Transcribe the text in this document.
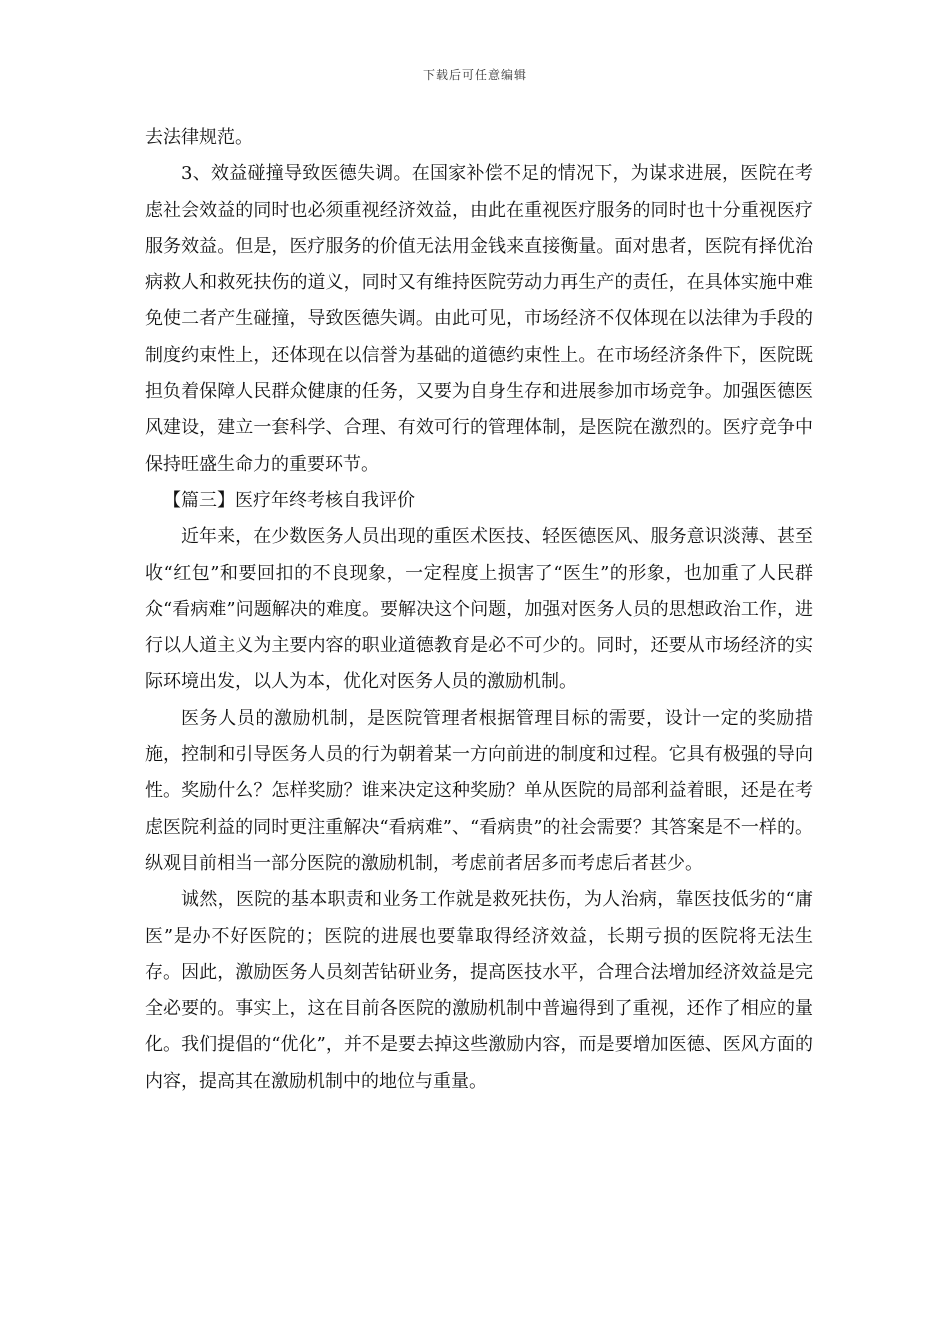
下载后可任意编辑

去法律规范。

3、效益碰撞导致医德失调。在国家补偿不足的情况下，为谋求进展，医院在考虑社会效益的同时也必须重视经济效益，由此在重视医疗服务的同时也十分重视医疗服务效益。但是，医疗服务的价值无法用金钱来直接衡量。面对患者，医院有择优治病救人和救死扶伤的道义，同时又有维持医院劳动力再生产的责任，在具体实施中难免使二者产生碰撞，导致医德失调。由此可见，市场经济不仅体现在以法律为手段的制度约束性上，还体现在以信誉为基础的道德约束性上。在市场经济条件下，医院既担负着保障人民群众健康的任务，又要为自身生存和进展参加市场竞争。加强医德医风建设，建立一套科学、合理、有效可行的管理体制，是医院在激烈的。医疗竞争中保持旺盛生命力的重要环节。

【篇三】医疗年终考核自我评价

近年来，在少数医务人员出现的重医术医技、轻医德医风、服务意识淡薄、甚至收“红包”和要回扣的不良现象，一定程度上损害了“医生”的形象，也加重了人民群众“看病难”问题解决的难度。要解决这个问题，加强对医务人员的思想政治工作，进行以人道主义为主要内容的职业道德教育是必不可少的。同时，还要从市场经济的实际环境出发，以人为本，优化对医务人员的激励机制。

医务人员的激励机制，是医院管理者根据管理目标的需要，设计一定的奖励措施，控制和引导医务人员的行为朝着某一方向前进的制度和过程。它具有极强的导向性。奖励什么？怎样奖励？谁来决定这种奖励？单从医院的局部利益着眼，还是在考虑医院利益的同时更注重解决“看病难”、“看病贵”的社会需要？其答案是不一样的。纵观目前相当一部分医院的激励机制，考虑前者居多而考虑后者甚少。

诚然，医院的基本职责和业务工作就是救死扶伤，为人治病，靠医技低劣的“庸医”是办不好医院的；医院的进展也要靠取得经济效益，长期亏损的医院将无法生存。因此，激励医务人员刻苦钻研业务，提高医技水平，合理合法增加经济效益是完全必要的。事实上，这在目前各医院的激励机制中普遍得到了重视，还作了相应的量化。我们提倡的“优化”，并不是要去掉这些激励内容，而是要增加医德、医风方面的内容，提高其在激励机制中的地位与重量。
